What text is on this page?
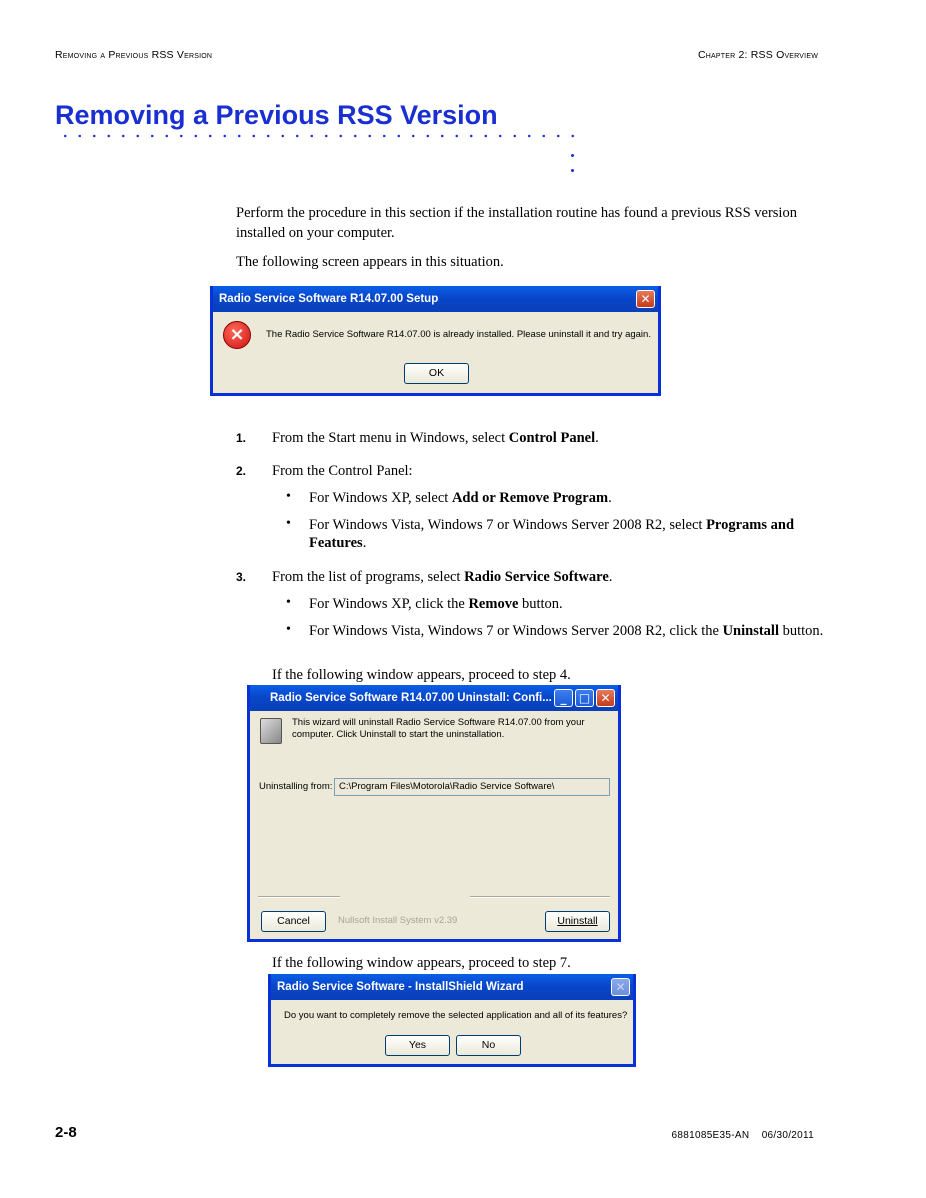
Removing a Previous RSS Version	Chapter 2: RSS Overview
Removing a Previous RSS Version
Perform the procedure in this section if the installation routine has found a previous RSS version installed on your computer.
The following screen appears in this situation.
Radio Service Software R14.07.00 Setup	✕
×	The Radio Service Software R14.07.00 is already installed. Please uninstall it and try again.
OK
1. From the Start menu in Windows, select Control Panel.
2. From the Control Panel:
• For Windows XP, select Add or Remove Program.
• For Windows Vista, Windows 7 or Windows Server 2008 R2, select Programs and Features.
3. From the list of programs, select Radio Service Software.
• For Windows XP, click the Remove button.
• For Windows Vista, Windows 7 or Windows Server 2008 R2, click the Uninstall button.
If the following window appears, proceed to step 4.
Radio Service Software R14.07.00 Uninstall: Confi... _	□ ✕
This wizard will uninstall Radio Service Software R14.07.00 from your
computer. Click Uninstall to start the uninstallation.
Uninstalling from: C:\Program Files\Motorola\Radio Service Software\
Cancel	Nullsoft Install System v2.39	Uninstall
If the following window appears, proceed to step 7.
Radio Service Software - InstallShield Wizard	✕
Do you want to completely remove the selected application and all of its features?
Yes	No
2-8	6881085E35-AN    06/30/2011
